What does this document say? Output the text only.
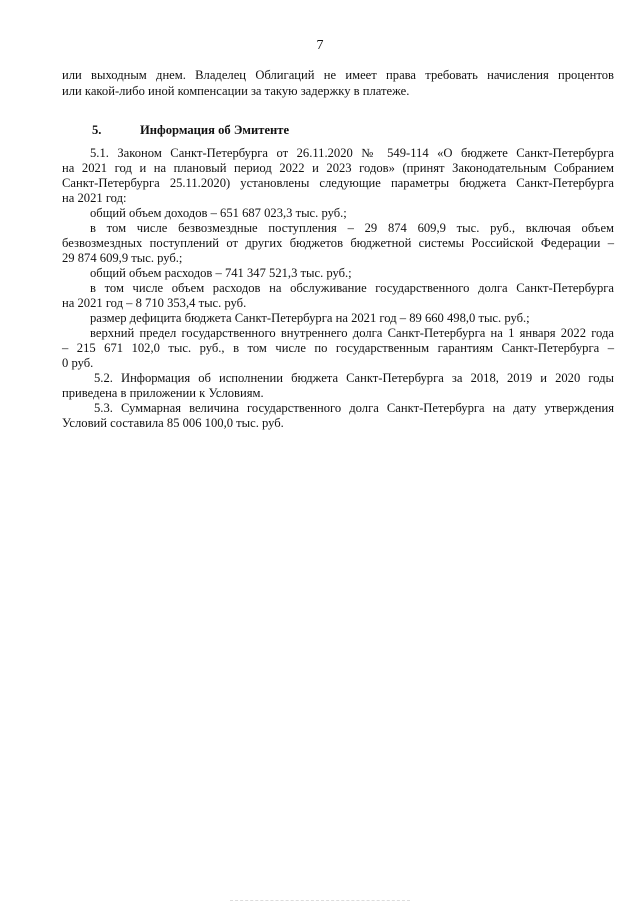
7
или выходным днем. Владелец Облигаций не имеет права требовать начисления процентов
или какой-либо иной компенсации за такую задержку в платеже.
5.	Информация об Эмитенте
5.1. Законом Санкт-Петербурга от 26.11.2020 № 549-114 «О бюджете Санкт-Петербурга
на 2021 год и на плановый период 2022 и 2023 годов» (принят Законодательным Собранием
Санкт-Петербурга 25.11.2020) установлены следующие параметры бюджета Санкт-Петербурга
на 2021 год:
общий объем доходов – 651 687 023,3 тыс. руб.;
в том числе безвозмездные поступления – 29 874 609,9 тыс. руб., включая объем
безвозмездных поступлений от других бюджетов бюджетной системы Российской Федерации –
29 874 609,9 тыс. руб.;
общий объем расходов – 741 347 521,3 тыс. руб.;
в том числе объем расходов на обслуживание государственного долга Санкт-Петербурга
на 2021 год – 8 710 353,4 тыс. руб.
размер дефицита бюджета Санкт-Петербурга на 2021 год – 89 660 498,0 тыс. руб.;
верхний предел государственного внутреннего долга Санкт-Петербурга на 1 января 2022 года
– 215 671 102,0 тыс. руб., в том числе по государственным гарантиям Санкт-Петербурга –
0 руб.
5.2. Информация об исполнении бюджета Санкт-Петербурга за 2018, 2019 и 2020 годы
приведена в приложении к Условиям.
5.3. Суммарная величина государственного долга Санкт-Петербурга на дату утверждения
Условий составила 85 006 100,0 тыс. руб.
